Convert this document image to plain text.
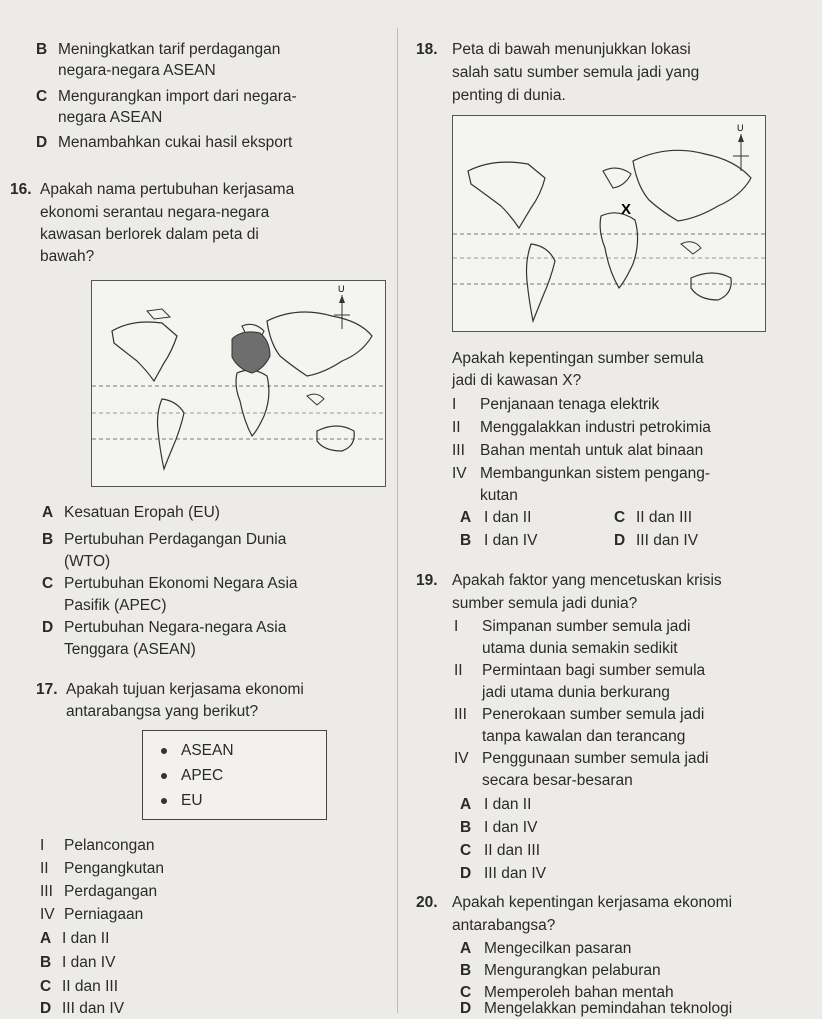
B Meningkatkan tarif perdagangan
negara-negara ASEAN
C Mengurangkan import dari negara-
negara ASEAN
D Menambahkan cukai hasil eksport
16. Apakah nama pertubuhan kerjasama
ekonomi serantau negara-negara
kawasan berlorek dalam peta di
bawah?
U
A Kesatuan Eropah (EU)
B Pertubuhan Perdagangan Dunia
(WTO)
C Pertubuhan Ekonomi Negara Asia
Pasifik (APEC)
D Pertubuhan Negara-negara Asia
Tenggara (ASEAN)
17. Apakah tujuan kerjasama ekonomi
antarabangsa yang berikut?
ASEAN
APEC
EU
I Pelancongan
II Pengangkutan
III Perdagangan
IV Perniagaan
A I dan II
B I dan IV
C II dan III
D III dan IV
18. Peta di bawah menunjukkan lokasi
salah satu sumber semula jadi yang
penting di dunia.
X
U
Apakah kepentingan sumber semula
jadi di kawasan X?
I Penjanaan tenaga elektrik
II Menggalakkan industri petrokimia
III Bahan mentah untuk alat binaan
IV Membangunkan sistem pengang-
kutan
A I dan II	C II dan III
B I dan IV	D III dan IV
19. Apakah faktor yang mencetuskan krisis
sumber semula jadi dunia?
I Simpanan sumber semula jadi
utama dunia semakin sedikit
II Permintaan bagi sumber semula
jadi utama dunia berkurang
III Penerokaan sumber semula jadi
tanpa kawalan dan terancang
IV Penggunaan sumber semula jadi
secara besar-besaran
A I dan II
B I dan IV
C II dan III
D III dan IV
20. Apakah kepentingan kerjasama ekonomi
antarabangsa?
A Mengecilkan pasaran
B Mengurangkan pelaburan
C Memperoleh bahan mentah
D Mengelakkan pemindahan teknologi
